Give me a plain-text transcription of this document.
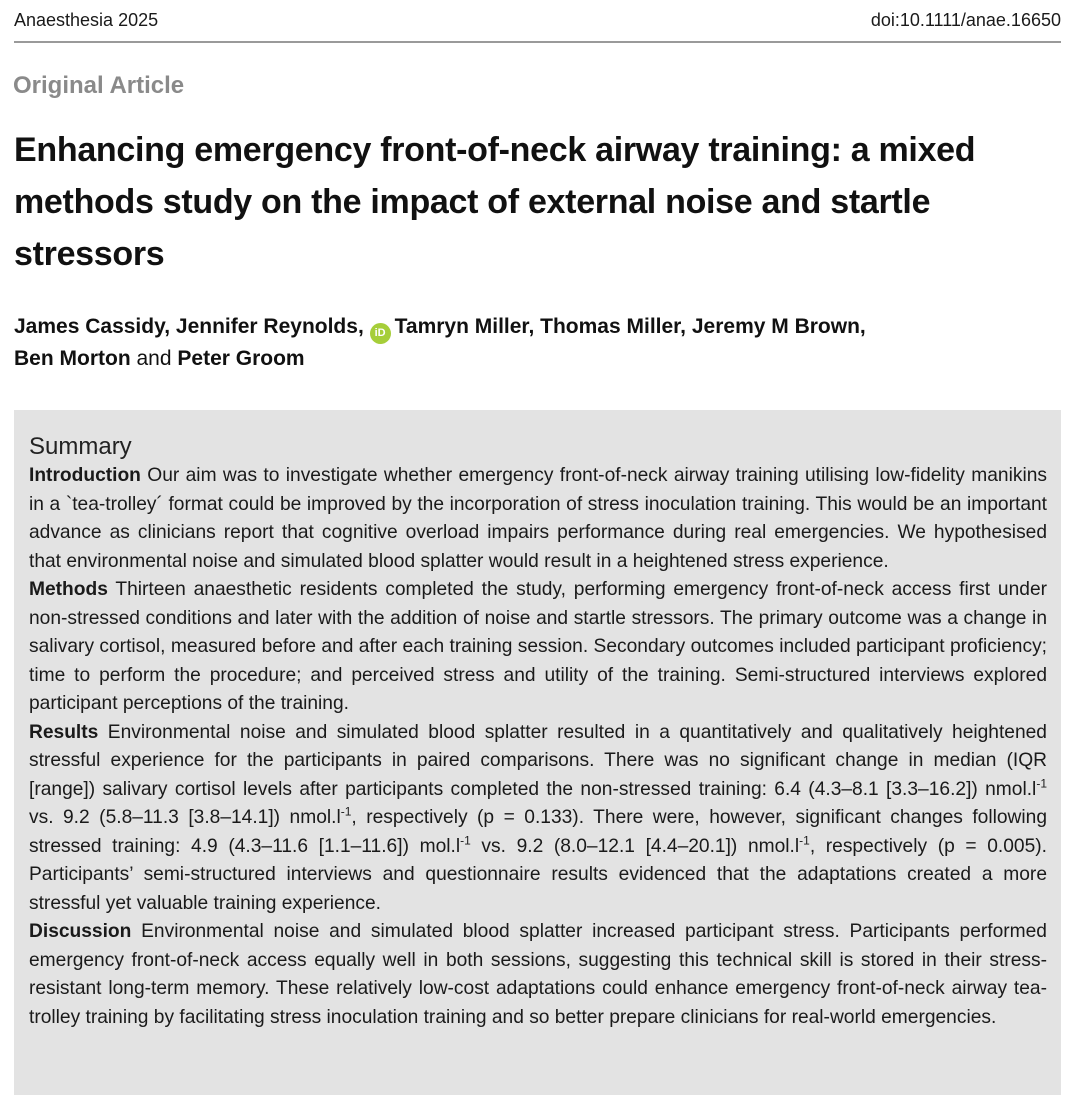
Anaesthesia 2025	doi:10.1111/anae.16650
Original Article
Enhancing emergency front-of-neck airway training: a mixed methods study on the impact of external noise and startle stressors
James Cassidy, Jennifer Reynolds, iD Tamryn Miller, Thomas Miller, Jeremy M Brown,
Ben Morton and Peter Groom
Summary

Introduction Our aim was to investigate whether emergency front-of-neck airway training utilising low-fidelity manikins in a `tea-trolley´ format could be improved by the incorporation of stress inoculation training. This would be an important advance as clinicians report that cognitive overload impairs performance during real emergencies. We hypothesised that environmental noise and simulated blood splatter would result in a heightened stress experience.

Methods Thirteen anaesthetic residents completed the study, performing emergency front-of-neck access first under non-stressed conditions and later with the addition of noise and startle stressors. The primary outcome was a change in salivary cortisol, measured before and after each training session. Secondary outcomes included participant proficiency; time to perform the procedure; and perceived stress and utility of the training. Semi-structured interviews explored participant perceptions of the training.

Results Environmental noise and simulated blood splatter resulted in a quantitatively and qualitatively heightened stressful experience for the participants in paired comparisons. There was no significant change in median (IQR [range]) salivary cortisol levels after participants completed the non-stressed training: 6.4 (4.3–8.1 [3.3–16.2]) $nmol.l^{-1}$ vs. 9.2 (5.8–11.3 [3.8–14.1]) $nmol.l^{-1}$, respectively (p = 0.133). There were, however, significant changes following stressed training: 4.9 (4.3–11.6 [1.1–11.6]) $mol.l^{-1}$ vs. 9.2 (8.0–12.1 [4.4–20.1]) $nmol.l^{-1}$, respectively (p = 0.005). Participants’ semi-structured interviews and questionnaire results evidenced that the adaptations created a more stressful yet valuable training experience.

Discussion Environmental noise and simulated blood splatter increased participant stress. Participants performed emergency front-of-neck access equally well in both sessions, suggesting this technical skill is stored in their stress-resistant long-term memory. These relatively low-cost adaptations could enhance emergency front-of-neck airway tea-trolley training by facilitating stress inoculation training and so better prepare clinicians for real-world emergencies.
